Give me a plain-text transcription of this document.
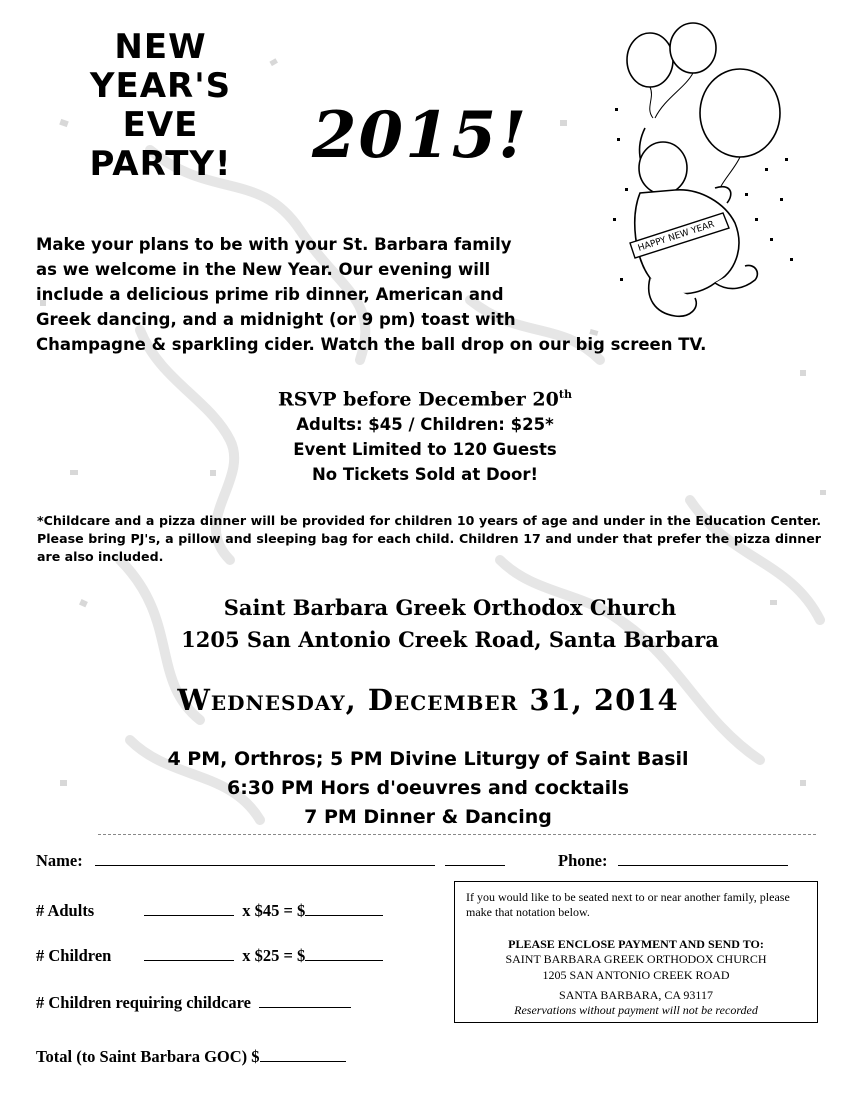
NEW
YEAR'S
EVE
PARTY! 2015!
HAPPY NEW YEAR
Make your plans to be with your St. Barbara family
as we welcome in the New Year. Our evening will
include a delicious prime rib dinner, American and
Greek dancing, and a midnight (or 9 pm) toast with
Champagne & sparkling cider. Watch the ball drop on our big screen TV.
RSVP before December 20th
Adults: $45 / Children: $25*
Event Limited to 120 Guests
No Tickets Sold at Door!
*Childcare and a pizza dinner will be provided for children 10 years of age and under in the Education Center. Please bring PJ's, a pillow and sleeping bag for each child. Children 17 and under that prefer the pizza dinner are also included.
Saint Barbara Greek Orthodox Church
1205 San Antonio Creek Road, Santa Barbara
Wednesday, December 31, 2014
4 PM, Orthros; 5 PM Divine Liturgy of Saint Basil
6:30 PM Hors d'oeuvres and cocktails
7 PM Dinner & Dancing
Name:	Phone:
# Adults	x $45 = $
# Children	x $25 = $
# Children requiring childcare
Total (to Saint Barbara GOC) $
If you would like to be seated next to or near another family, please make that notation below.
PLEASE ENCLOSE PAYMENT AND SEND TO:
SAINT BARBARA GREEK ORTHODOX CHURCH
1205 SAN ANTONIO CREEK ROAD
SANTA BARBARA, CA 93117
Reservations without payment will not be recorded
